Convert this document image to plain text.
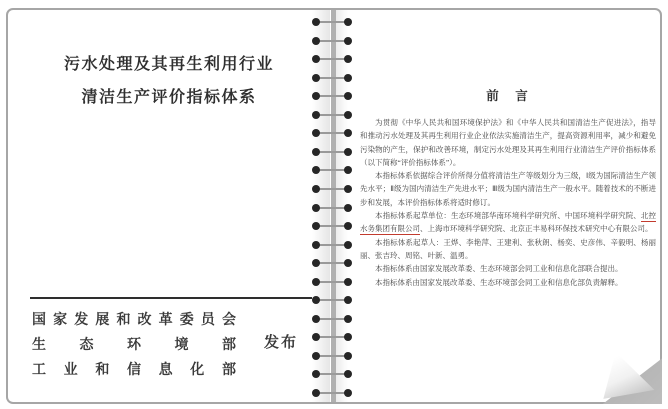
污水处理及其再生利用行业
清洁生产评价指标体系
国 家 发 展 和 改 革 委 员 会
生 态 环 境 部
工 业 和 信 息 化 部
发布
前　言

为贯彻《中华人民共和国环境保护法》和《中华人民共和国清洁生产促进法》，指导和推动污水处理及其再生利用行业企业依法实施清洁生产，提高资源利用率，减少和避免污染物的产生，保护和改善环境，制定污水处理及其再生利用行业清洁生产评价指标体系（以下简称“评价指标体系”）。

本指标体系依据综合评价所得分值将清洁生产等级划分为三级，Ⅰ级为国际清洁生产领先水平；Ⅱ级为国内清洁生产先进水平；Ⅲ级为国内清洁生产一般水平。随着技术的不断进步和发展，本评价指标体系将适时修订。

本指标体系起草单位：生态环境部华南环境科学研究所、中国环境科学研究院、北控水务集团有限公司、上海市环境科学研究院、北京正丰易科环保技术研究中心有限公司。

本指标体系起草人：王烨、李艳萍、王建利、张秋朗、杨奕、史彦伟、辛毅明、杨丽丽、张吉玲、周铭、叶新、温勇。

本指标体系由国家发展改革委、生态环境部会同工业和信息化部联合提出。

本指标体系由国家发展改革委、生态环境部会同工业和信息化部负责解释。
